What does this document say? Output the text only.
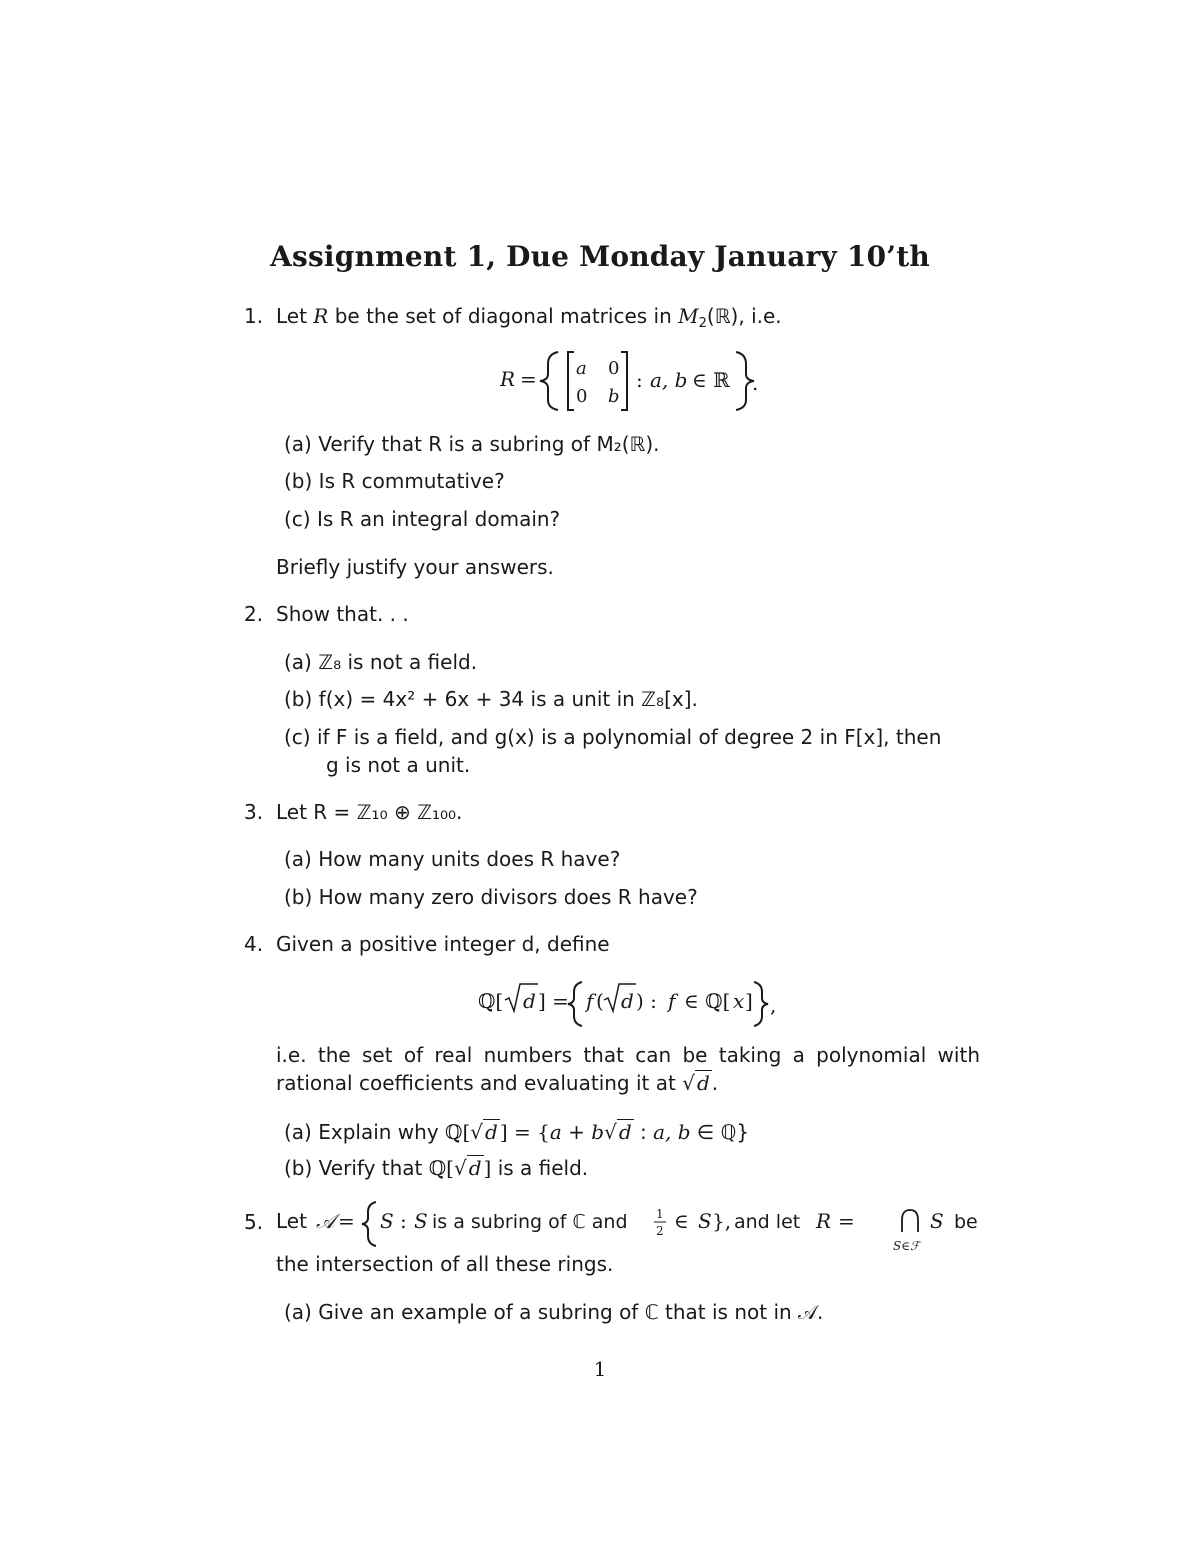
Assignment 1, Due Monday January 10’th
1. Let R be the set of diagonal matrices in $M_2(ℝ)$, i.e.
R = a 0
0 b
: a, b ∈ ℝ .
(a) Verify that R is a subring of M₂(ℝ).
(b) Is R commutative?
(c) Is R an integral domain?
Briefly justify your answers.
2. Show that. . .
(a) ℤ₈ is not a field.
(b) f(x) = 4x² + 6x + 34 is a unit in ℤ₈[x].
(c) if F is a field, and g(x) is a polynomial of degree 2 in F[x], then
g is not a unit.
3. Let R = ℤ₁₀ ⊕ ℤ₁₀₀.
(a) How many units does R have?
(b) How many zero divisors does R have?
4. Given a positive integer d, define
ℚ[ d ] = f ( d ) : f ∈ ℚ[ x ] ,
i.e. the set of real numbers that can be taking a polynomial with
rational coefficients and evaluating it at √ d .
(a) Explain why ℚ[√ d ] = {a + b√ d : a, b ∈ ℚ}
(b) Verify that ℚ[√ d ] is a field.
5. Let 𝒜 = S : S is a subring of ℂ and 1
2 ∈ S }, and let R =
S∈ℱ
S be
the intersection of all these rings.
(a) Give an example of a subring of ℂ that is not in 𝒜.
1
